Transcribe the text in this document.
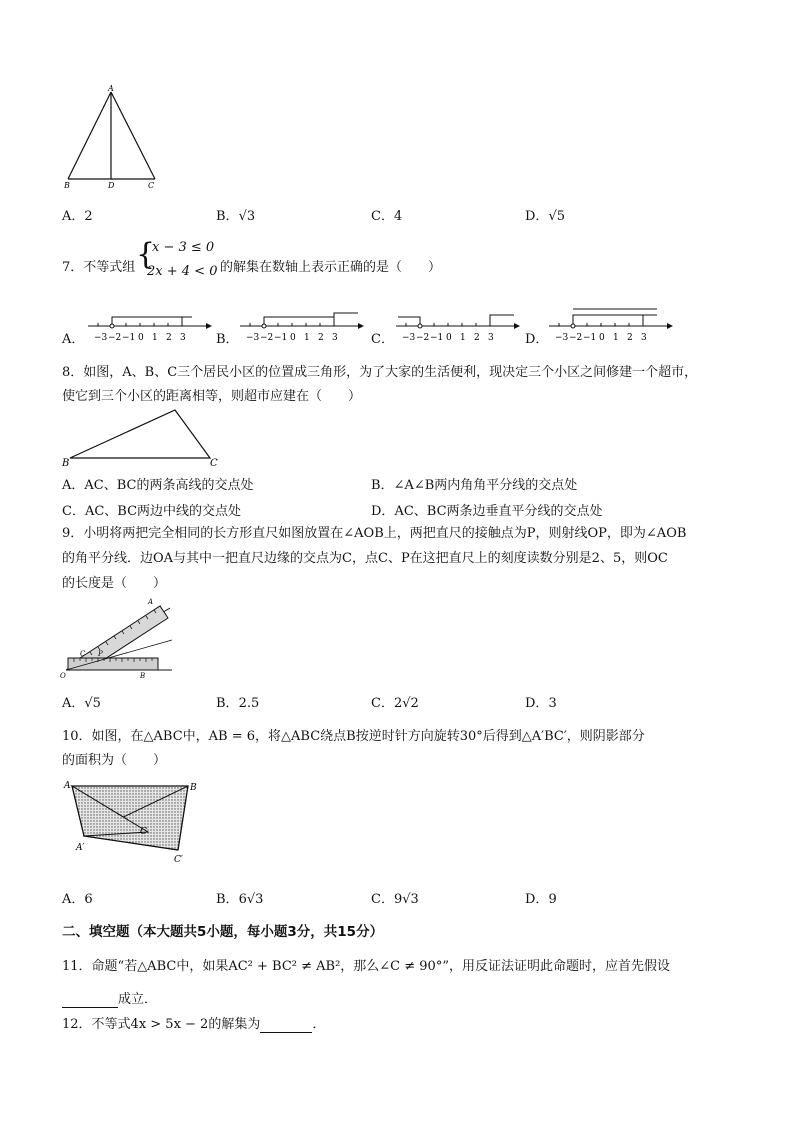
A
B	D	C
A．2	B．√3	C．4	D．√5
7．不等式组 {
x − 3 ≤ 0
2x + 4 < 0 的解集在数轴上表示正确的是（　　）
A． −3 −2 −1 0 1 2 3 B． −3 −2 −1 0 1 2 3	C． −3 −2 −1 0 1 2 3 D． −3 −2 −1 0 1 2 3
8．如图，A、B、C三个居民小区的位置成三角形，为了大家的生活便利，现决定三个小区之间修建一个超市，
使它到三个小区的距离相等，则超市应建在（　　）
B	C
A．AC、BC的两条高线的交点处	B．∠A∠B两内角角平分线的交点处
C．AC、BC两边中线的交点处	D．AC、BC两条边垂直平分线的交点处
9．小明将两把完全相同的长方形直尺如图放置在∠AOB上，两把直尺的接触点为P，则射线OP，即为∠AOB
的角平分线．边OA与其中一把直尺边缘的交点为C，点C、P在这把直尺上的刻度读数分别是2、5，则OC
的长度是（　　）
A
O	B
C P
A．√5	B．2.5	C．2√2	D．3
10．如图，在△ABC中，AB = 6，将△ABC绕点B按逆时针方向旋转30°后得到△A′BC′，则阴影部分
的面积为（　　）
A	B
C
A′
C′
A．6	B．6√3	C．9√3	D．9
二、填空题（本大题共5小题，每小题3分，共15分）
11．命题“若△ABC中，如果AC² + BC² ≠ AB²，那么∠C ≠ 90°”，用反证法证明此命题时，应首先假设
成立．
12．不等式4x > 5x − 2的解集为	．
